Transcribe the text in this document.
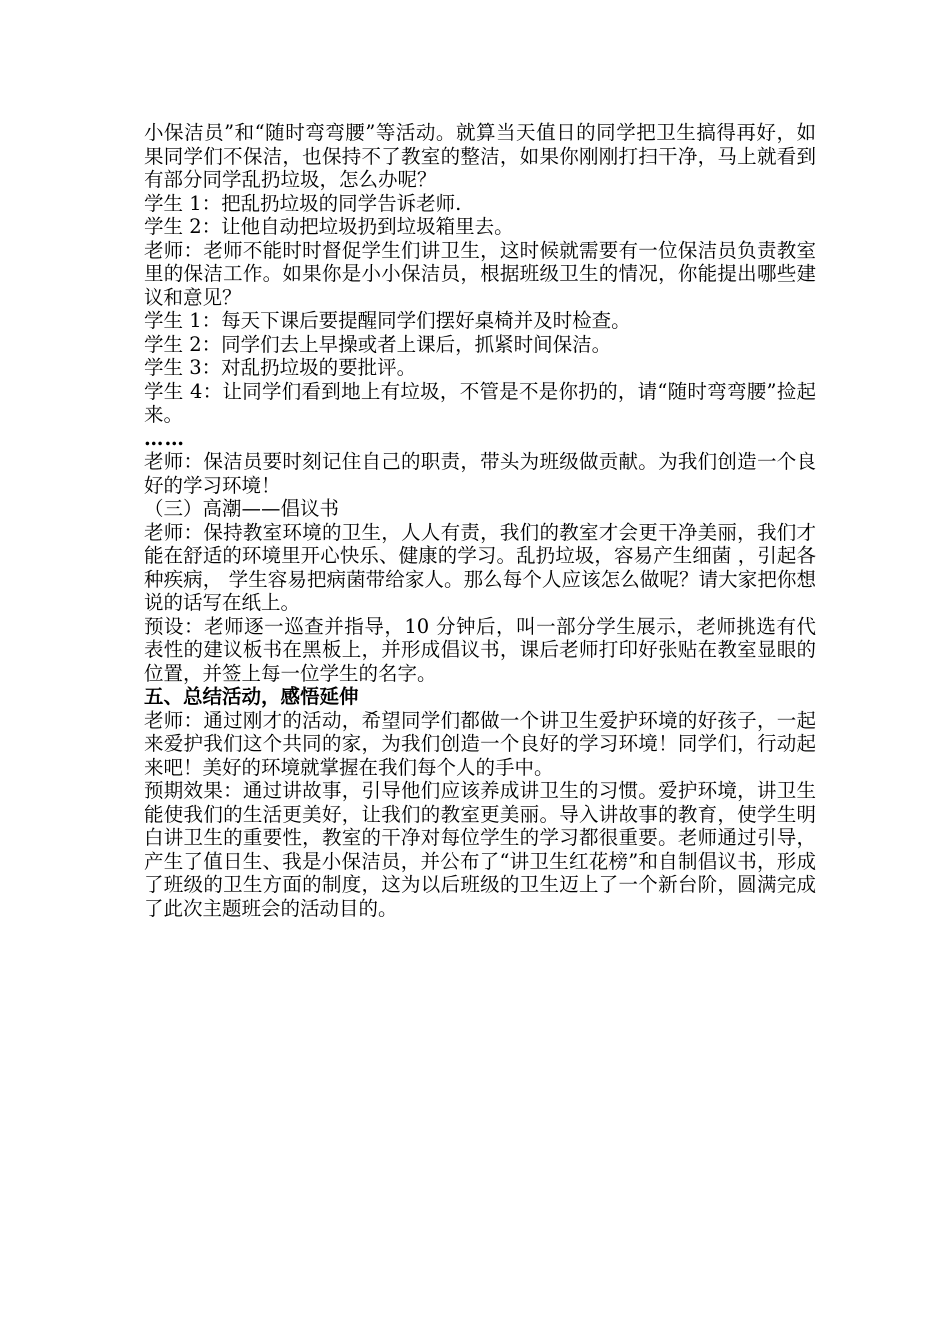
小保洁员”和“随时弯弯腰”等活动。就算当天值日的同学把卫生搞得再好，如果同学们不保洁，也保持不了教室的整洁，如果你刚刚打扫干净，马上就看到有部分同学乱扔垃圾，怎么办呢？

学生 1：把乱扔垃圾的同学告诉老师.

学生 2：让他自动把垃圾扔到垃圾箱里去。

老师：老师不能时时督促学生们讲卫生，这时候就需要有一位保洁员负责教室里的保洁工作。如果你是小小保洁员，根据班级卫生的情况，你能提出哪些建议和意见？

学生 1：每天下课后要提醒同学们摆好桌椅并及时检查。

学生 2：同学们去上早操或者上课后，抓紧时间保洁。

学生 3：对乱扔垃圾的要批评。

学生 4：让同学们看到地上有垃圾，不管是不是你扔的，请“随时弯弯腰”捡起来。

……

老师：保洁员要时刻记住自己的职责，带头为班级做贡献。为我们创造一个良好的学习环境！

（三）高潮——倡议书

老师：保持教室环境的卫生，人人有责，我们的教室才会更干净美丽，我们才能在舒适的环境里开心快乐、健康的学习。乱扔垃圾，容易产生细菌 ，引起各种疾病， 学生容易把病菌带给家人。那么每个人应该怎么做呢？请大家把你想说的话写在纸上。

预设：老师逐一巡查并指导，10 分钟后，叫一部分学生展示，老师挑选有代表性的建议板书在黑板上，并形成倡议书，课后老师打印好张贴在教室显眼的位置，并签上每一位学生的名字。

五、总结活动，感悟延伸

老师：通过刚才的活动，希望同学们都做一个讲卫生爱护环境的好孩子，一起来爱护我们这个共同的家，为我们创造一个良好的学习环境！同学们，行动起来吧！美好的环境就掌握在我们每个人的手中。

预期效果：通过讲故事，引导他们应该养成讲卫生的习惯。爱护环境，讲卫生能使我们的生活更美好，让我们的教室更美丽。导入讲故事的教育，使学生明白讲卫生的重要性，教室的干净对每位学生的学习都很重要。老师通过引导，产生了值日生、我是小保洁员，并公布了“讲卫生红花榜”和自制倡议书，形成了班级的卫生方面的制度，这为以后班级的卫生迈上了一个新台阶，圆满完成了此次主题班会的活动目的。
